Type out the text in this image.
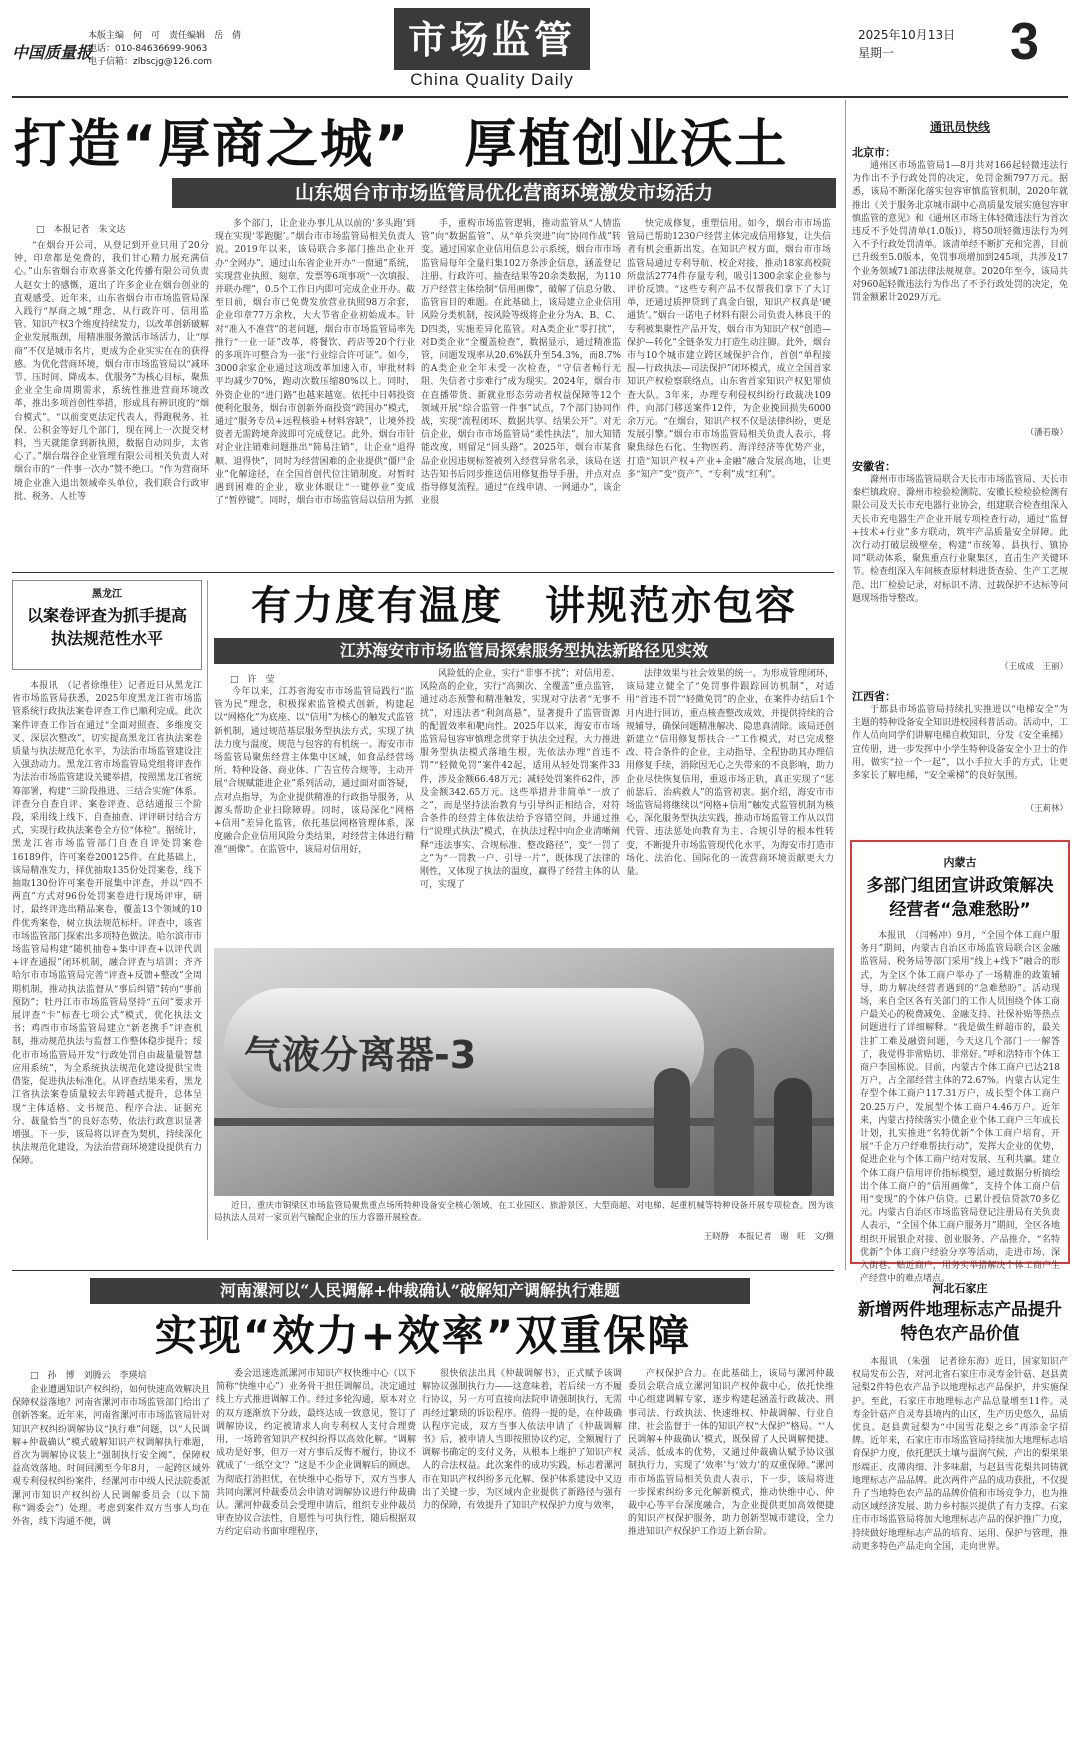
中国质量报
本版主编　何　可　责任编辑　岳　倩
电话：010-84636699-9063
电子信箱：zlbscjg@126.com	市场监管
China Quality Daily
2025年10月13日
星期一	3
打造“厚商之城”　厚植创业沃土
山东烟台市市场监管局优化营商环境激发市场活力
□　本报记者　朱文达
“在烟台开公司，从登记到开业只用了20分钟，印章都是免费的，我们甘心精力展充满信心。”山东省烟台市欢喜茶文化传播有限公司负责人赵女士的感慨，道出了许多企业在烟台创业的直观感受。近年来，山东省烟台市市场监管局深入践行“厚商之城”理念，从行政许可、信用监管、知识产权3个维度持续发力，以改革创新破解企业发展瓶颈，用精准服务激活市场活力，让“厚商”不仅是城市名片，更成为企业实实在在的获得感。为优化营商环境，烟台市市场监管局以“减环节、压时间、降成本、优服务”为核心目标，聚焦企业全生命周期需求，系统性推进营商环境改革，推出多项首创性举措，形成具有辨识度的“烟台模式”。“以前变更法定代表人，得跑税务、社保、公积金等好几个部门，现在网上一次提交材料，当天就能拿到新执照，数据自动同步，太省心了。”烟台瑞谷企业管理有限公司相关负责人对烟台市的“一件事一次办”赞不绝口。“作为营商环境企业准入退出领域牵头单位，我们联合行政审批、税务、人社等
多个部门，让企业办事儿从以前的‘多头跑’到现在实现‘零跑腿’。”烟台市市场监管局相关负责人说。2019年以来，该局联合多部门推出企业开办“全网办”，通过山东省企业开办“一窗通”系统，实现营业执照、刻章、发票等6项事项“一次填报、并联办理”，0.5个工作日内即可完成企业开办。截至目前，烟台市已免费发放营业执照98万余套，企业印章77万余枚，大大节省企业初始成本。针对“准入不准营”的老问题，烟台市市场监管局率先推行“一业一证”改革，将餐饮、药店等20个行业的多项许可整合为一张“行业综合许可证”。如今，3000余家企业通过这项改革加速入市，审批材料平均减少70%，跑动次数压缩80%以上。同时，外资企业的“进门路”也越来越宽。依托中日韩投资便利化服务，烟台市创新外商投资“跨国办”模式，通过“服务专员+远程核验+材料容缺”，让境外投资者无需跨境奔波即可完成登记。此外，烟台市针对企业注销难问题推出“简易注销”，让企业“退得顺、退得快”，同时为经营困难的企业提供“僵尸企业”化解途径，在全国首创代位注销制度。对暂时遇到困难的企业，歇业休眠让“一键停业”变成了“暂停键”。同时，烟台市市场监管局以信用为抓
手，重构市场监管逻辑，推动监管从“人情监管”向“数据监管”、从“单兵突进”向“协同作战”转变。通过国家企业信用信息公示系统，烟台市市场监管局每年全量归集102万条涉企信息，涵盖登记注册、行政许可、抽查结果等20余类数据，为110万户经营主体绘制“信用画像”，破解了信息分散、监管盲目的难题。在此基础上，该局建立企业信用风险分类机制，按风险等级将企业分为A、B、C、D四类，实施差异化监管。对A类企业“零打扰”，对D类企业“全覆盖检查”，数据显示，通过精准监管，问题发现率从20.6%跃升至54.3%，而8.7%的A类企业全年未受一次检查，“守信者畅行无阻、失信者寸步难行”成为现实。2024年，烟台市在直播带货、新就业形态劳动者权益保障等12个领域开展“综合监管一件事”试点，7个部门协同作战，实现“流程闭环、数据共享、结果公开”。对无信企业，烟台市市场监管局“柔性执法”，加大知错能改度，则留足“回头路”。2025年，烟台市某食品企业因违规标签被列入经营异常名录，该局在送达告知书后同步推送信用修复指导手册，并点对点指导修复流程。通过“在线申请、一网通办”，该企业很
快完成修复，重塑信用。如今，烟台市市场监管局已帮助1230户经营主体完成信用修复，让失信者有机会重新出发。在知识产权方面，烟台市市场监管局通过专利导航、校企对接，推动18家高校院所盘活2774件存量专利，吸引1300余家企业参与评价反馈。“这些专利产品不仅帮我们拿下了大订单，还通过质押贷到了真金白银，知识产权真是‘硬通货’。”烟台一诺电子材料有限公司负责人林良干的专利被集聚性产品开发，烟台市为知识产权“创造—保护—转化”全链条发力打造生动注脚。此外，烟台市与10个城市建立跨区域保护合作，首创“单程接报—行政执法—司法保护”闭环模式，成立全国首家知识产权检察联络点，山东省首家知识产权犯罪侦查大队。3年来，办理专利侵权纠纷行政裁决109件，向部门移送案件12件，为企业挽回损失6000余万元。“在烟台，知识产权不仅是法律纠纷，更是发展引擎。”烟台市市场监管局相关负责人表示，将聚焦绿色石化、生物医药、海洋经济等优势产业，打造“知识产权+产业+金融”融合发展高地，让更多“知产”变“资产”、“专利”成“红利”。
通讯员快线
北京市：
通州区市场监管局1—8月共对166起轻微违法行为作出不予行政处罚的决定，免罚金额797万元。据悉，该局不断深化落实包容审慎监管机制，2020年就推出《关于服务北京城市副中心高质量发展实施包容审慎监管的意见》和《通州区市场主体轻微违法行为首次违反不予处罚清单(1.0版)》，将50项轻微违法行为列入不予行政处罚清单。该清单经不断扩充和完善，目前已升级至5.0版本，免罚事项增加到245项，共涉及17个业务领域71部法律法规规章。2020年至今，该局共对960起轻微违法行为作出了不予行政处罚的决定，免罚金额累计2029万元。
（潘若璇）
安徽省：
滁州市市场监管局联合天长市市场监管局、天长市秦栏镇政府、滁州市检验检测院、安徽长检检验检测有限公司及天长市充电器行业协会，组建联合检查组深入天长市充电器生产企业开展专项检查行动，通过“监督+技术+行业”多方联动，筑牢产品质量安全屏障。此次行动打破层级壁垒，构建“市统筹、县执行、镇协同”联动体系，聚焦重点行业聚集区，直击生产关键环节。检查组深入车间核查原材料进货查验、生产工艺规范、出厂检验记录，对标识不清、过载保护不达标等问题现场指导整改。
（王成成　王丽）
江西省：
于都县市场监管局持续扎实推进以“电梯安全”为主题的特种设备安全知识进校园科普活动。活动中，工作人员向同学们讲解电梯自救知识，分发《安全乘梯》宣传册，进一步发挥中小学生特种设备安全小卫士的作用，做实“拉一个一起”，以小手拉大手的方式，让更多家长了解电梯，“安全乘梯”的良好氛围。
（王莉林）
内蒙古
多部门组团宣讲政策解决经营者“急难愁盼”
本报讯　（闫畅冲）9月，“全国个体工商户服务月”期间，内蒙古自治区市场监管局联合区金融监管局、税务局等部门采用“线上+线下”融合的形式，为全区个体工商户举办了一场精准的政策辅导，助力解决经营者遇到的“急难愁盼”。活动现场，来自全区各有关部门的工作人员围绕个体工商户最关心的税费减免、金融支持、社保补贴等热点问题进行了详细解释。“我是做生鲜超市的，最关注扩工难及融资问题，今天这几个部门一一解答了，我觉得非常贴切、非常好。”呼和浩特市个体工商户李国栋说。目前，内蒙古个体工商户已达218万户，占全部经营主体的72.67%。内蒙古认定生存型个体工商户117.31万户，成长型个体工商户20.25万户，发展型个体工商户4.46万户。近年来，内蒙古持续落实小微企业个体工商户三年成长计划，扎实推进“名特优新”个体工商户培育，开展“千企万户纾难帮扶行动”，发挥大企业的优势，促进企业与个体工商户结对发展、互利共赢。建立个体工商户信用评价指标模型，通过数据分析搞绘出个体工商户的“信用画像”，支持个体工商户信用“变现”的个体户信贷。已累计授信贷款70多亿元。内蒙古自治区市场监管局登记注册局有关负责人表示，“全国个体工商户服务月”期间，全区各地组织开展银企对接、创业服务、产品推介，“名特优新”个体工商户经验分享等活动，走进市场、深入街巷、贴近商户，用务实举措解决个体工商户生产经营中的难点堵点。
河北石家庄
新增两件地理标志产品提升特色农产品价值
本报讯　（朱强　记者徐东海）近日，国家知识产权局发布公告，对河北省石家庄市灵寿金针菇、赵县黄冠梨2件特色农产品予以地理标志产品保护，并实施保护。至此，石家庄市地理标志产品总量增至11件。灵寿金针菇产自灵寿县境内的山区，生产历史悠久，品质优良。赵县黄冠梨为“中国雪花梨之乡”再添金字招牌。近年来，石家庄市市场监管局持续加大地理标志培育保护力度，依托肥沃土壤与温润气候，产出的梨果果形端正、皮薄肉细、汁多味甜，与赵县雪花梨共同铸就地理标志产品品牌。此次两件产品的成功获批，不仅提升了当地特色农产品的品牌价值和市场竞争力，也为推动区域经济发展、助力乡村振兴提供了有力支撑。石家庄市市场监管局将加大地理标志产品的保护推广力度，持续做好地理标志产品的培育、运用、保护与管理，推动更多特色产品走向全国，走向世界。
黑龙江
以案卷评查为抓手提高执法规范性水平
本报讯　（记者徐维佳）记者近日从黑龙江省市场监管局获悉，2025年度黑龙江省市场监管系统行政执法案卷评查工作已顺利完成。此次案件评查工作旨在通过“全面对照查、多维度交叉、深层次整改”，切实提高黑龙江省执法案卷质量与执法规范化水平，为法治市场监管建设注入强劲动力。黑龙江省市场监管局党组将评查作为法治市场监管建设关键举措，按照黑龙江省统筹部署，构建“三阶段推进、三结合实施”体系。评查分自查自评、案卷评查、总结通报三个阶段，采用线上线下、自查抽查、评评研讨结合方式，实现行政执法案卷全方位“体检”。据统计，黑龙江省市场监管部门自查自评处罚案卷16189件，许可案卷200125件。在此基础上，该局精准发力，择优抽取135份处罚案卷，线下抽取130份许可案卷开展集中评查，并以“四不两直”方式对96份处罚案卷进行现场评审，研讨，最终评选出精品案卷，覆盖13个领域的10件优秀案卷，树立执法规范标杆。评查中，该省市场监管部门探索出多项特色做法。哈尔滨市市场监管局构建“随机抽卷+集中评查+以评代训+评查通报”闭环机制，融合评查与培训；齐齐哈尔市市场监管局完善“评查+反馈+整改”全周期机制，推动执法监督从“事后纠错”转向“事前预防”；牡丹江市市场监管局坚持“五问”要求开展评查“卡”标查七项公式”模式，优化执法文书；鸡西市市场监管局建立“新老携手”评查机制，推动规范执法与监督工作整体稳步提升；绥化市市场监管局开发“行政处罚自由裁量量智慧应用系统”，为全系统执法规范化建设提供宝贵借鉴，促进执法标准化。从评查结果来看，黑龙江省执法案卷质量较去年跨越式提升，总体呈现“主体适格、文书规范、程序合法、证据充分、裁量恰当”的良好态势，依法行政意识显著增强。下一步，该局将以评查为契机，持续深化执法规范化建设，为法治营商环境建设提供有力保障。
有力度有温度　讲规范亦包容
江苏海安市市场监管局探索服务型执法新路径见实效
□　许　莹
今年以来，江苏省海安市市场监管局践行“监管为民”理念，积极探索监管模式创新，构建起以“网格化”为底座、以“信用”为核心的触发式监管新机制，通过规范基层服务型执法方式，实现了执法力度与温度，规范与包容的有机统一。海安市市场监管局聚焦经营主体集中区域，如食品经营场所、特种设备、商业体、广告宣传合规等，主动开展“合规赋能进企业”系列活动，通过面对面答疑，点对点指导，为企业提供精准的行政指导服务，从源头帮助企业扫除障碍。同时，该局深化“网格+信用”差异化监管，依托基层网格管理体系，深度融合企业信用风险分类结果，对经营主体进行精准“画像”。在监管中，该局对信用好，
风险低的企业，实行“非事不扰”；对信用差、风险高的企业，实行“高频次、全覆盖”重点监管，通过动态预警和精准触发，实现对守法者“无事不扰”，对违法者“利剑高悬”，显著提升了监管资源的配置效率和靶向性。2025年以来，海安市市场监管局包容审慎理念贯穿于执法全过程，大力推进服务型执法模式落地生根，先依法办理“首违不罚”“轻微免罚”案件42起，适用从轻处罚案件33件，涉及金额66.48万元；减轻处罚案件62件，涉及金额342.65万元。这些举措并非简单“一放了之”，而是坚持法治教育与引导纠正相结合，对符合条件的经营主体依法给予容错空间，并通过推行“说理式执法”模式，在执法过程中向企业清晰阐释“违法事实、合规标准、整改路径”，变“一罚了之”为“一罚教一户、引导一片”，既体现了法律的刚性，又体现了执法的温度，赢得了经营主体的认可，实现了
法律效果与社会效果的统一。为形成管理闭环，该局建立健全了“免罚事件跟踪回访机制”，对适用“首违不罚”“轻微免罚”的企业，在案件办结后1个月内进行回访，重点核查整改成效，并提供持续的合规辅导，确保问题精准解决、隐患真清除。该局还创新建立“信用修复帮扶合一”工作模式，对已完成整改、符合条件的企业，主动指导、全程协助其办理信用修复手续，消除因无心之失带来的不良影响，助力企业尽快恢复信用，重返市场正轨，真正实现了“惩前毖后、治病救人”的监管初衷。据介绍，海安市市场监管局将继续以“网格+信用”触发式监管机制为核心，深化服务型执法实践，推动市场监管工作从以罚代管、违法惩处向教育为主、合规引导的根本性转变，不断提升市场监管现代化水平，为海安市打造市场化、法治化、国际化的一流营商环境贡献更大力量。
气液分离器-3
近日，重庆市铜梁区市场监管局聚焦重点场所特种设备安全核心领域，在工业园区、旅游景区、大型商超、对电梯、起重机械等特种设备开展专项检查。图为该局执法人员对一家页岩气输配企业的压力容器开展检查。
王晓静　本报记者　谢　旺　文/摄
河南漯河以“人民调解+仲裁确认”破解知产调解执行难题
实现“效力+效率”双重保障
□　孙　博　刘腾云　李瑛培
企业遭遇知识产权纠纷，如何快速高效解决且保障权益落地？河南省漯河市市场监管部门给出了创新答案。近年来，河南省漯河市市场监管局针对知识产权纠纷调解协议“执行难”问题，以“人民调解+仲裁确认”模式破解知识产权调解执行难题，首次为调解协议装上“强制执行安全阀”，保障权益高效落地。时间回溯至今年8月，一起跨区域外观专利侵权纠纷案件，经漯河市中级人民法院委派漯河市知识产权纠纷人民调解委员会（以下简称“调委会”）处理。考虑到案件双方当事人均在外省，线下沟通不便，调
委会迅速选派漯河市知识产权快维中心（以下简称“快维中心”）业务骨干担任调解员，决定通过线上方式推进调解工作。经过多轮沟通，原本对立的双方逐渐放下分歧，最终达成一致意见，签订了调解协议，约定被请求人向专利权人支付合理费用，一场跨省知识产权纠纷得以高效化解。“调解成功是好事，但万一对方事后反悔不履行，协议不就成了‘一纸空文’？”这是不少企业调解后的顾虑。为彻底打消担忧，在快维中心指导下，双方当事人共同向漯河仲裁委员会申请对调解协议进行仲裁确认。漯河仲裁委员会受理申请后，组织专业仲裁员审查协议合法性，自愿性与可执行性，随后根据双方约定启动书面审理程序，
很快依法出具《仲裁调解书》，正式赋予该调解协议强制执行力——这意味着，若后续一方不履行协议，另一方可直接向法院申请强制执行，无需再经过繁琐的诉讼程序。值得一提的是，在仲裁确认程序完成，双方当事人依法申请了《仲裁调解书》后，被申请人当即按照协议约定，全额履行了调解书确定的支付义务，从根本上维护了知识产权人的合法权益。此次案件的成功实践，标志着漯河市在知识产权纠纷多元化解、保护体系建设中又迈出了关键一步，为区域内企业提供了新路径与强有力的保障，有效提升了知识产权保护力度与效率，
产权保护合力。在此基础上，该局与漯河仲裁委员会联合成立漯河知识产权仲裁中心，依托快维中心组建调解专家，逐步构建起涵盖行政裁决、刑事司法、行政执法、快速维权、仲裁调解、行业自律、社会监督于一体的知识产权“大保护”格局。“‘人民调解+仲裁确认’模式，既保留了人民调解便捷、灵活、低成本的优势，又通过仲裁确认赋予协议强制执行力，实现了‘效率’与‘效力’的双重保障。”漯河市市场监管局相关负责人表示，下一步，该局将进一步探索纠纷多元化解新模式，推动快维中心、仲裁中心等平台深度融合，为企业提供更加高效便捷的知识产权保护服务，助力创新型城市建设，全力推进知识产权保护工作迈上新台阶。
